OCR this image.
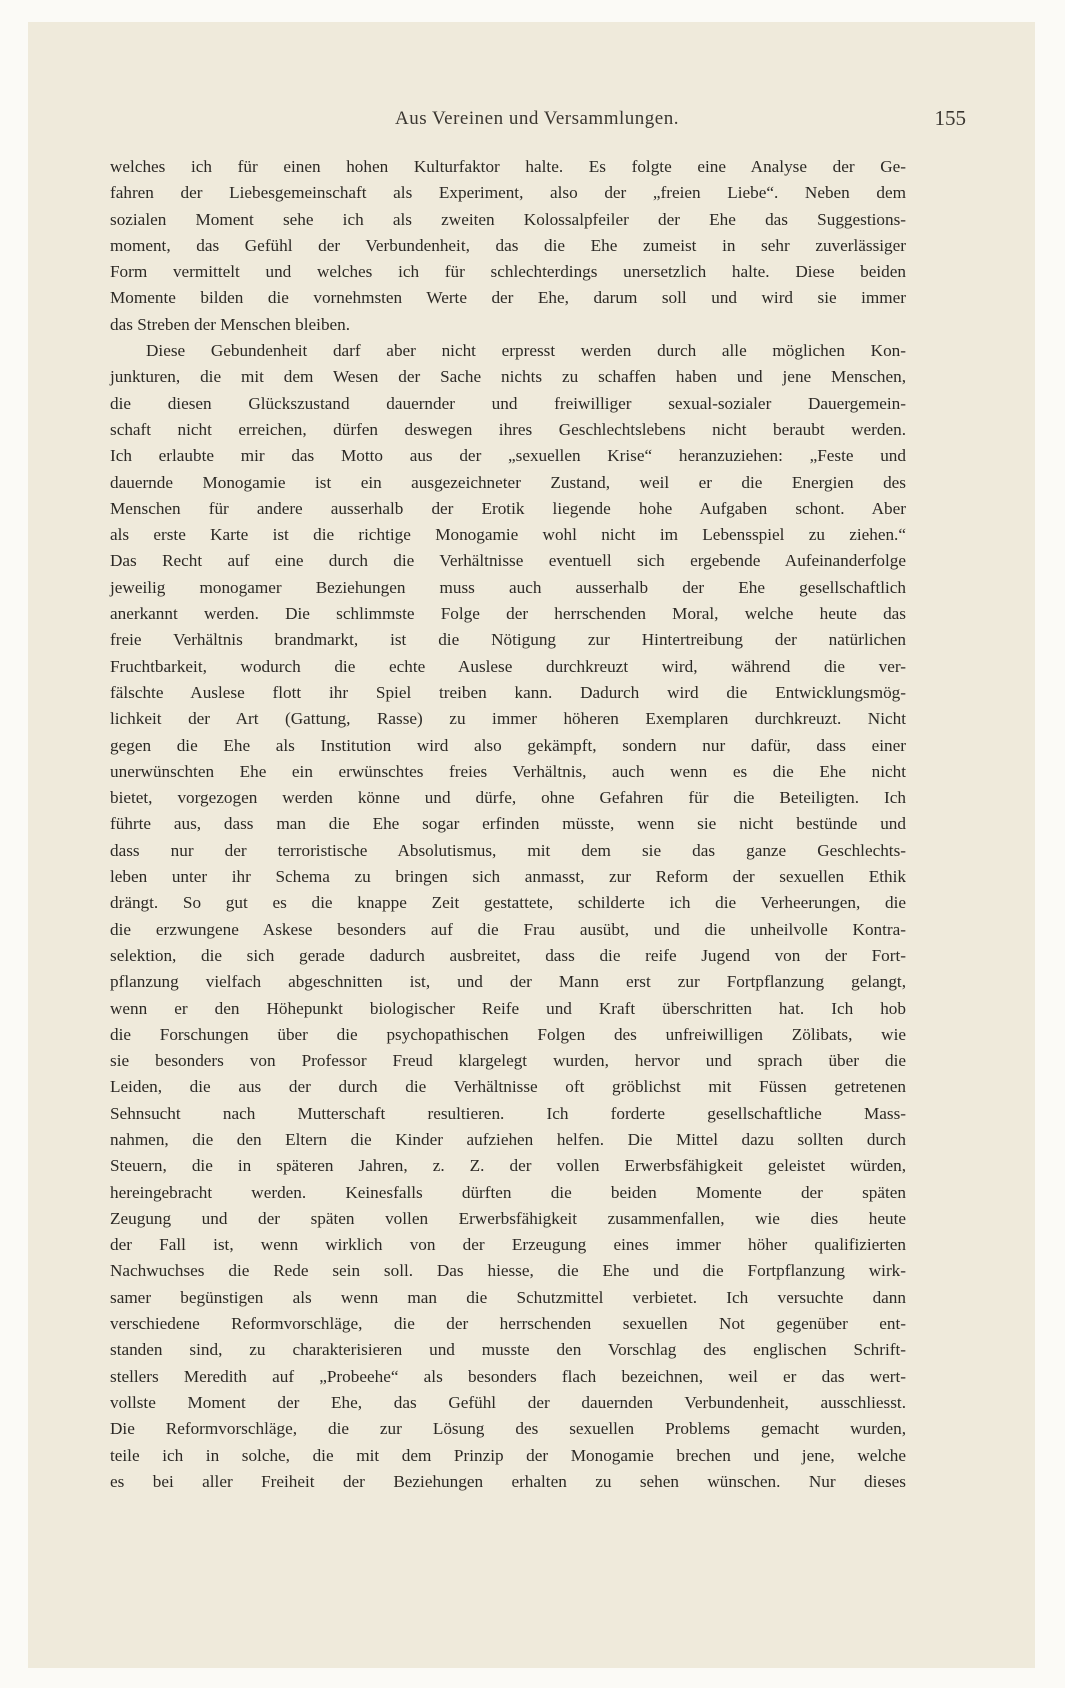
Aus Vereinen und Versammlungen.	155
welches ich für einen hohen Kulturfaktor halte. Es folgte eine Analyse der Ge-
fahren der Liebesgemeinschaft als Experiment, also der „freien Liebe“. Neben dem
sozialen Moment sehe ich als zweiten Kolossalpfeiler der Ehe das Suggestions-
moment, das Gefühl der Verbundenheit, das die Ehe zumeist in sehr zuverlässiger
Form vermittelt und welches ich für schlechterdings unersetzlich halte. Diese beiden
Momente bilden die vornehmsten Werte der Ehe, darum soll und wird sie immer
das Streben der Menschen bleiben.
Diese Gebundenheit darf aber nicht erpresst werden durch alle möglichen Kon-
junkturen, die mit dem Wesen der Sache nichts zu schaffen haben und jene Menschen,
die diesen Glückszustand dauernder und freiwilliger sexual-sozialer Dauergemein-
schaft nicht erreichen, dürfen deswegen ihres Geschlechtslebens nicht beraubt werden.
Ich erlaubte mir das Motto aus der „sexuellen Krise“ heranzuziehen: „Feste und
dauernde Monogamie ist ein ausgezeichneter Zustand, weil er die Energien des
Menschen für andere ausserhalb der Erotik liegende hohe Aufgaben schont. Aber
als erste Karte ist die richtige Monogamie wohl nicht im Lebensspiel zu ziehen.“
Das Recht auf eine durch die Verhältnisse eventuell sich ergebende Aufeinanderfolge
jeweilig monogamer Beziehungen muss auch ausserhalb der Ehe gesellschaftlich
anerkannt werden. Die schlimmste Folge der herrschenden Moral, welche heute das
freie Verhältnis brandmarkt, ist die Nötigung zur Hintertreibung der natürlichen
Fruchtbarkeit, wodurch die echte Auslese durchkreuzt wird, während die ver-
fälschte Auslese flott ihr Spiel treiben kann. Dadurch wird die Entwicklungsmög-
lichkeit der Art (Gattung, Rasse) zu immer höheren Exemplaren durchkreuzt. Nicht
gegen die Ehe als Institution wird also gekämpft, sondern nur dafür, dass einer
unerwünschten Ehe ein erwünschtes freies Verhältnis, auch wenn es die Ehe nicht
bietet, vorgezogen werden könne und dürfe, ohne Gefahren für die Beteiligten. Ich
führte aus, dass man die Ehe sogar erfinden müsste, wenn sie nicht bestünde und
dass nur der terroristische Absolutismus, mit dem sie das ganze Geschlechts-
leben unter ihr Schema zu bringen sich anmasst, zur Reform der sexuellen Ethik
drängt. So gut es die knappe Zeit gestattete, schilderte ich die Verheerungen, die
die erzwungene Askese besonders auf die Frau ausübt, und die unheilvolle Kontra-
selektion, die sich gerade dadurch ausbreitet, dass die reife Jugend von der Fort-
pflanzung vielfach abgeschnitten ist, und der Mann erst zur Fortpflanzung gelangt,
wenn er den Höhepunkt biologischer Reife und Kraft überschritten hat. Ich hob
die Forschungen über die psychopathischen Folgen des unfreiwilligen Zölibats, wie
sie besonders von Professor Freud klargelegt wurden, hervor und sprach über die
Leiden, die aus der durch die Verhältnisse oft gröblichst mit Füssen getretenen
Sehnsucht nach Mutterschaft resultieren. Ich forderte gesellschaftliche Mass-
nahmen, die den Eltern die Kinder aufziehen helfen. Die Mittel dazu sollten durch
Steuern, die in späteren Jahren, z. Z. der vollen Erwerbsfähigkeit geleistet würden,
hereingebracht werden. Keinesfalls dürften die beiden Momente der späten
Zeugung und der späten vollen Erwerbsfähigkeit zusammenfallen, wie dies heute
der Fall ist, wenn wirklich von der Erzeugung eines immer höher qualifizierten
Nachwuchses die Rede sein soll. Das hiesse, die Ehe und die Fortpflanzung wirk-
samer begünstigen als wenn man die Schutzmittel verbietet. Ich versuchte dann
verschiedene Reformvorschläge, die der herrschenden sexuellen Not gegenüber ent-
standen sind, zu charakterisieren und musste den Vorschlag des englischen Schrift-
stellers Meredith auf „Probeehe“ als besonders flach bezeichnen, weil er das wert-
vollste Moment der Ehe, das Gefühl der dauernden Verbundenheit, ausschliesst.
Die Reformvorschläge, die zur Lösung des sexuellen Problems gemacht wurden,
teile ich in solche, die mit dem Prinzip der Monogamie brechen und jene, welche
es bei aller Freiheit der Beziehungen erhalten zu sehen wünschen. Nur dieses
